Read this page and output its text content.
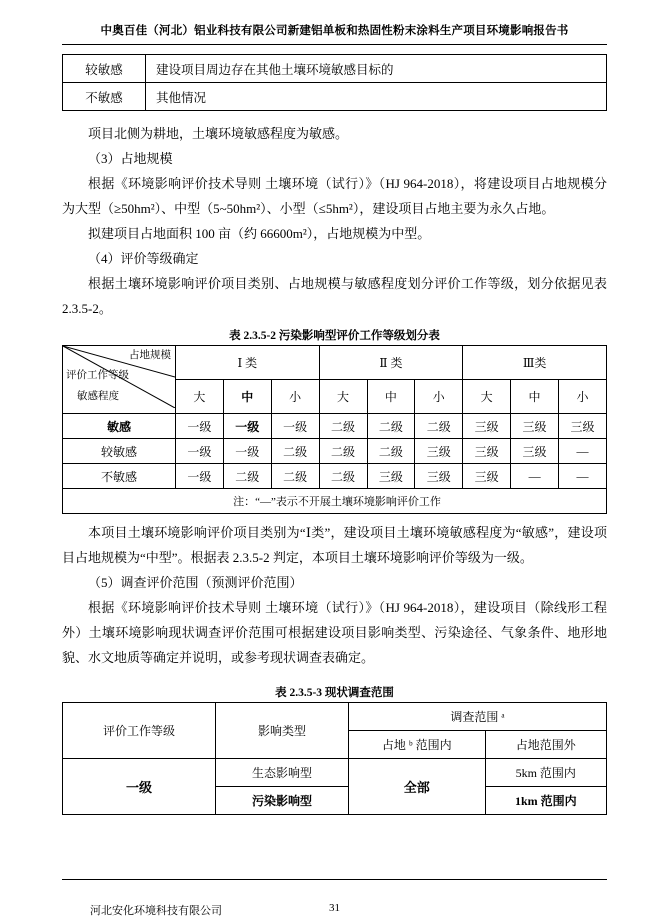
中奥百佳（河北）铝业科技有限公司新建铝单板和热固性粉末涂料生产项目环境影响报告书
较敏感	建设项目周边存在其他土壤环境敏感目标的
不敏感	其他情况

项目北侧为耕地，土壤环境敏感程度为敏感。

（3）占地规模

根据《环境影响评价技术导则 土壤环境（试行）》（HJ 964-2018），将建设项目占地规模分为大型（≥50hm²）、中型（5~50hm²）、小型（≤5hm²），建设项目占地主要为永久占地。

拟建项目占地面积 100 亩（约 66600m²），占地规模为中型。

（4）评价等级确定

根据土壤环境影响评价项目类别、占地规模与敏感程度划分评价工作等级，划分依据见表 2.3.5-2。

表 2.3.5-2 污染影响型评价工作等级划分表
占地规模
评价工作等级
敏感程度	Ⅰ 类			Ⅱ 类			Ⅲ类		
	大	中	小	大	中	小	大	中	小
敏感	一级	一级	一级	二级	二级	二级	三级	三级	三级
较敏感	一级	一级	二级	二级	二级	三级	三级	三级	—
不敏感	一级	二级	二级	二级	三级	三级	三级	—	—
注：“—”表示不开展土壤环境影响评价工作									

本项目土壤环境影响评价项目类别为“Ⅰ类”，建设项目土壤环境敏感程度为“敏感”，建设项目占地规模为“中型”。根据表 2.3.5-2 判定，本项目土壤环境影响评价等级为一级。

（5）调查评价范围（预测评价范围）

根据《环境影响评价技术导则 土壤环境（试行）》（HJ 964-2018），建设项目（除线形工程外）土壤环境影响现状调查评价范围可根据建设项目影响类型、污染途径、气象条件、地形地貌、水文地质等确定并说明，或参考现状调查表确定。

表 2.3.5-3 现状调查范围
评价工作等级	影响类型	调查范围 ᵃ	
		占地 ᵇ 范围内	占地范围外
一级	生态影响型	全部	5km 范围内
	污染影响型		1km 范围内
河北安化环境科技有限公司	31
